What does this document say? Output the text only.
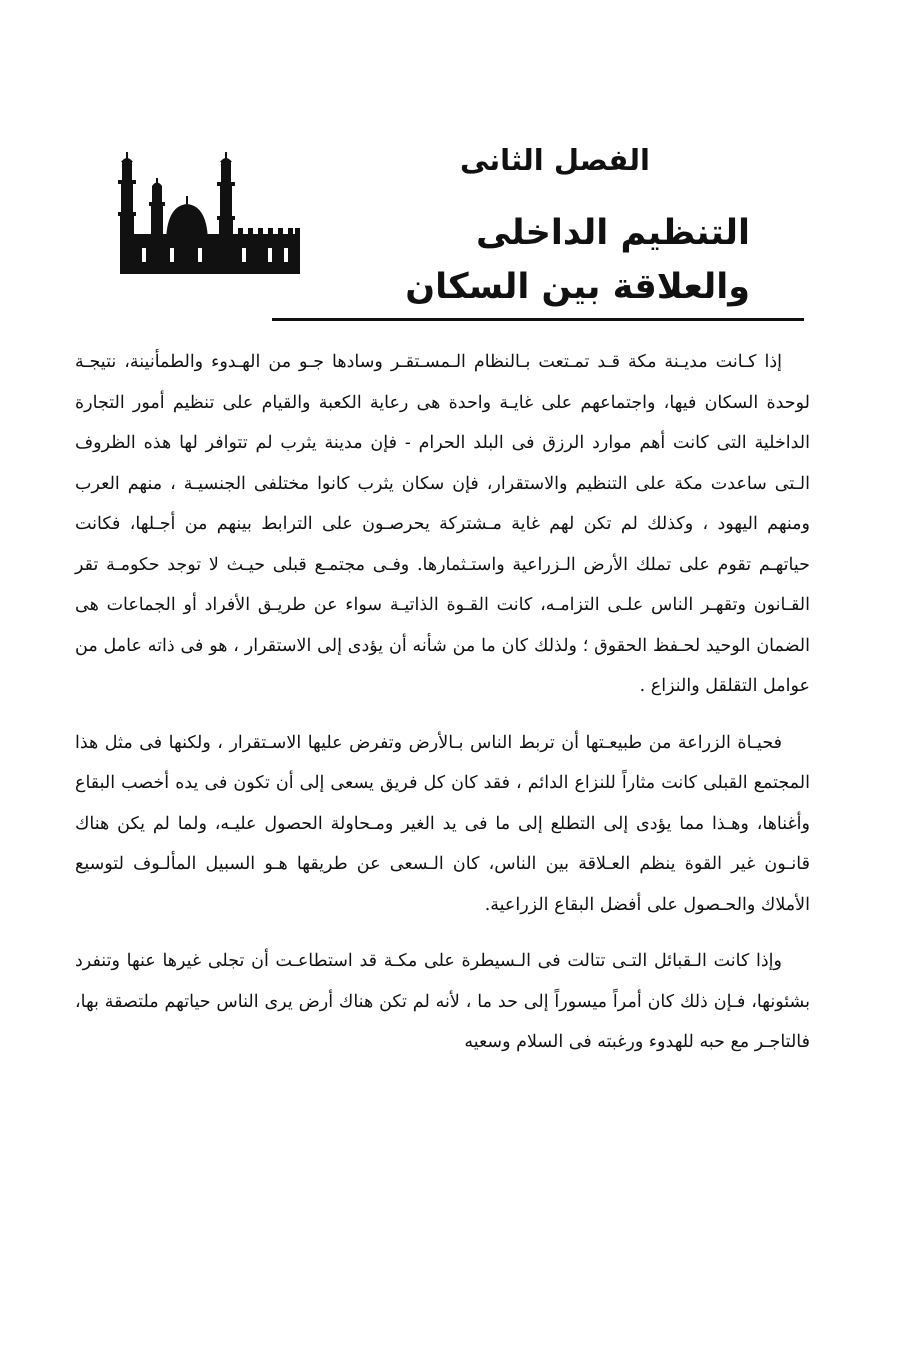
الفصل الثانى
التنظيم الداخلى والعلاقة بين السكان

إذا كـانت مديـنة مكة قـد تمـتعت بـالنظام الـمسـتقـر وسادها جـو من الهـدوء والطمأنينة، نتيجـة لوحدة السكان فيها، واجتماعهم على غايـة واحدة هى رعاية الكعبة والقيام على تنظيم أمور التجارة الداخلية التى كانت أهم موارد الرزق فى البلد الحرام - فإن مدينة يثرب لم تتوافر لها هذه الظروف الـتى ساعدت مكة على التنظيم والاستقرار، فإن سكان يثرب كانوا مختلفى الجنسيـة ، منهم العرب ومنهم اليهود ، وكذلك لم تكن لهم غاية مـشتركة يحرصـون على الترابط بينهم من أجـلها، فكانت حياتهـم تقوم على تملك الأرض الـزراعية واستـثمارها. وفـى مجتمـع قبلى حيـث لا توجد حكومـة تقر القـانون وتقهـر الناس علـى التزامـه، كانت القـوة الذاتيـة سواء عن طريـق الأفراد أو الجماعات هى الضمان الوحيد لحـفظ الحقوق ؛ ولذلك كان ما من شأنه أن يؤدى إلى الاستقرار ، هو فى ذاته عامل من عوامل التقلقل والنزاع .

فحيـاة الزراعة من طبيعـتها أن تربط الناس بـالأرض وتفرض عليها الاسـتقرار ، ولكنها فى مثل هذا المجتمع القبلى كانت مثاراً للنزاع الدائم ، فقد كان كل فريق يسعى إلى أن تكون فى يده أخصب البقاع وأغناها، وهـذا مما يؤدى إلى التطلع إلى ما فى يد الغير ومـحاولة الحصول عليـه، ولما لم يكن هناك قانـون غير القوة ينظم العـلاقة بين الناس، كان الـسعى عن طريقها هـو السبيل المألـوف لتوسيع الأملاك والحـصول على أفضل البقاع الزراعية.

وإذا كانت الـقبائل التـى تتالت فى الـسيطرة على مكـة قد استطاعـت أن تجلى غيرها عنها وتنفرد بشئونها، فـإن ذلك كان أمراً ميسوراً إلى حد ما ، لأنه لم تكن هناك أرض يرى الناس حياتهم ملتصقة بها، فالتاجـر مع حبه للهدوء ورغبته فى السلام وسعيه
